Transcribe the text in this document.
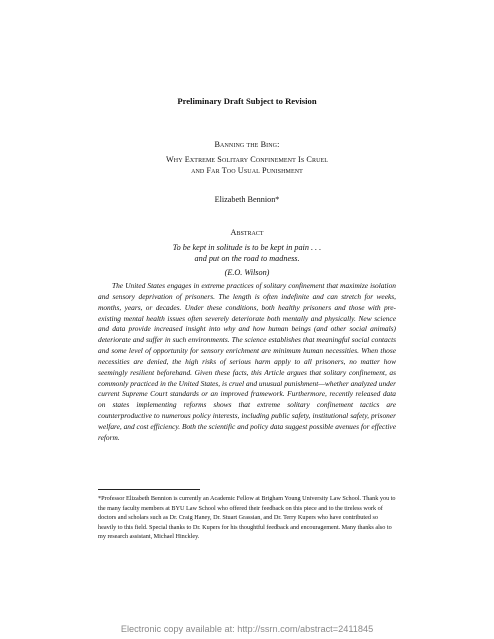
Preliminary Draft Subject to Revision
Banning the Bing:
Why Extreme Solitary Confinement Is Cruel
and Far Too Usual Punishment
Elizabeth Bennion*
Abstract
To be kept in solitude is to be kept in pain . . .
and put on the road to madness.
(E.O. Wilson)

The United States engages in extreme practices of solitary confinement that maximize isolation and sensory deprivation of prisoners. The length is often indefinite and can stretch for weeks, months, years, or decades. Under these conditions, both healthy prisoners and those with pre-existing mental health issues often severely deteriorate both mentally and physically. New science and data provide increased insight into why and how human beings (and other social animals) deteriorate and suffer in such environments. The science establishes that meaningful social contacts and some level of opportunity for sensory enrichment are minimum human necessities. When those necessities are denied, the high risks of serious harm apply to all prisoners, no matter how seemingly resilient beforehand. Given these facts, this Article argues that solitary confinement, as commonly practiced in the United States, is cruel and unusual punishment—whether analyzed under current Supreme Court standards or an improved framework. Furthermore, recently released data on states implementing reforms shows that extreme solitary confinement tactics are counterproductive to numerous policy interests, including public safety, institutional safety, prisoner welfare, and cost efficiency. Both the scientific and policy data suggest possible avenues for effective reform.

*Professor Elizabeth Bennion is currently an Academic Fellow at Brigham Young University Law School. Thank you to the many faculty members at BYU Law School who offered their feedback on this piece and to the tireless work of doctors and scholars such as Dr. Craig Haney, Dr. Stuart Grassian, and Dr. Terry Kupers who have contributed so heavily to this field. Special thanks to Dr. Kupers for his thoughtful feedback and encouragement. Many thanks also to my research assistant, Michael Hinckley.

Electronic copy available at: http://ssrn.com/abstract=2411845
